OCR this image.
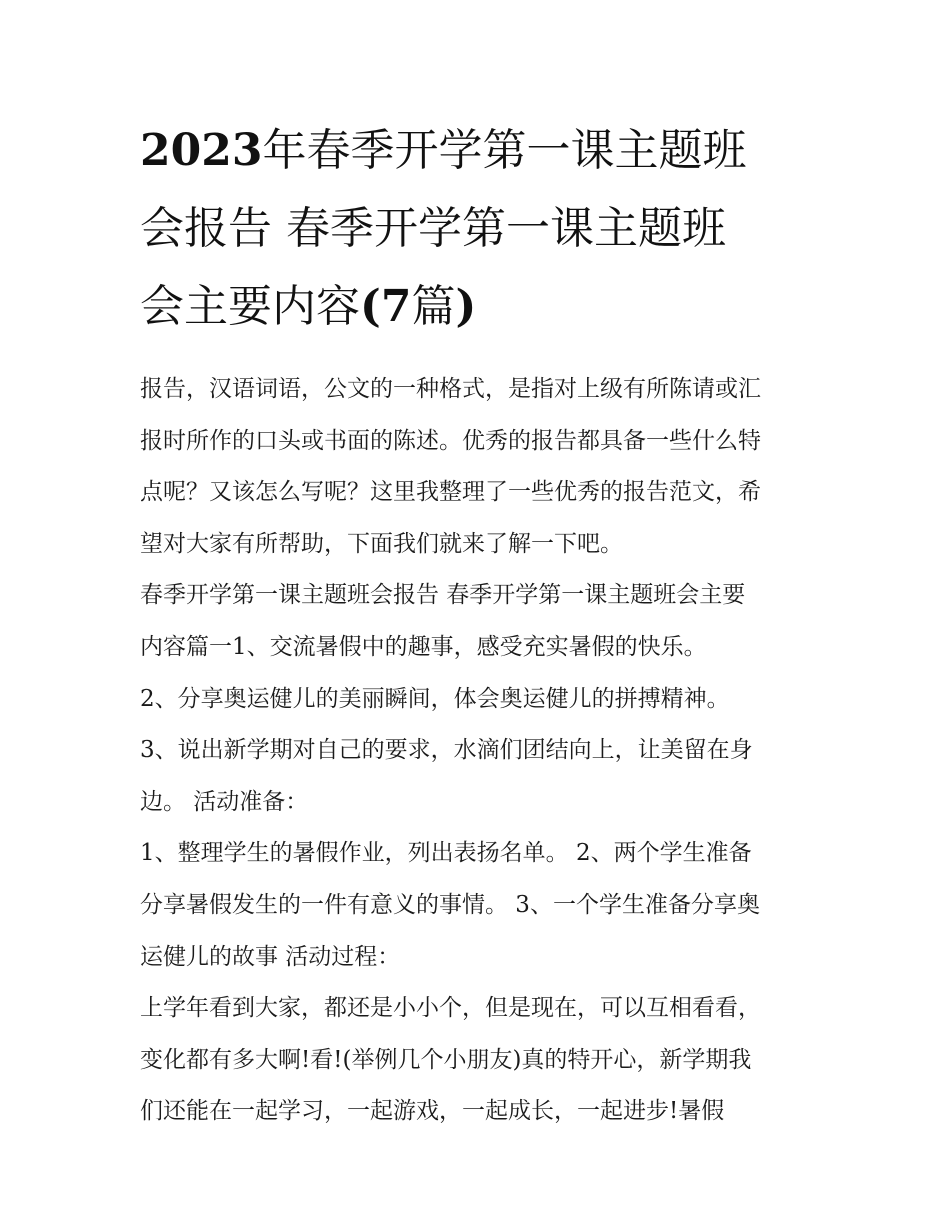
2023年春季开学第一课主题班
会报告 春季开学第一课主题班
会主要内容(7篇)

报告，汉语词语，公文的一种格式，是指对上级有所陈请或汇
报时所作的口头或书面的陈述。优秀的报告都具备一些什么特
点呢？又该怎么写呢？这里我整理了一些优秀的报告范文，希
望对大家有所帮助，下面我们就来了解一下吧。

春季开学第一课主题班会报告 春季开学第一课主题班会主要
内容篇一1、交流暑假中的趣事，感受充实暑假的快乐。

2、分享奥运健儿的美丽瞬间，体会奥运健儿的拼搏精神。

3、说出新学期对自己的要求，水滴们团结向上，让美留在身
边。 活动准备：

1、整理学生的暑假作业，列出表扬名单。 2、两个学生准备
分享暑假发生的一件有意义的事情。 3、一个学生准备分享奥
运健儿的故事 活动过程：

上学年看到大家，都还是小小个，但是现在，可以互相看看，
变化都有多大啊!看!(举例几个小朋友)真的特开心，新学期我
们还能在一起学习，一起游戏，一起成长，一起进步!暑假
